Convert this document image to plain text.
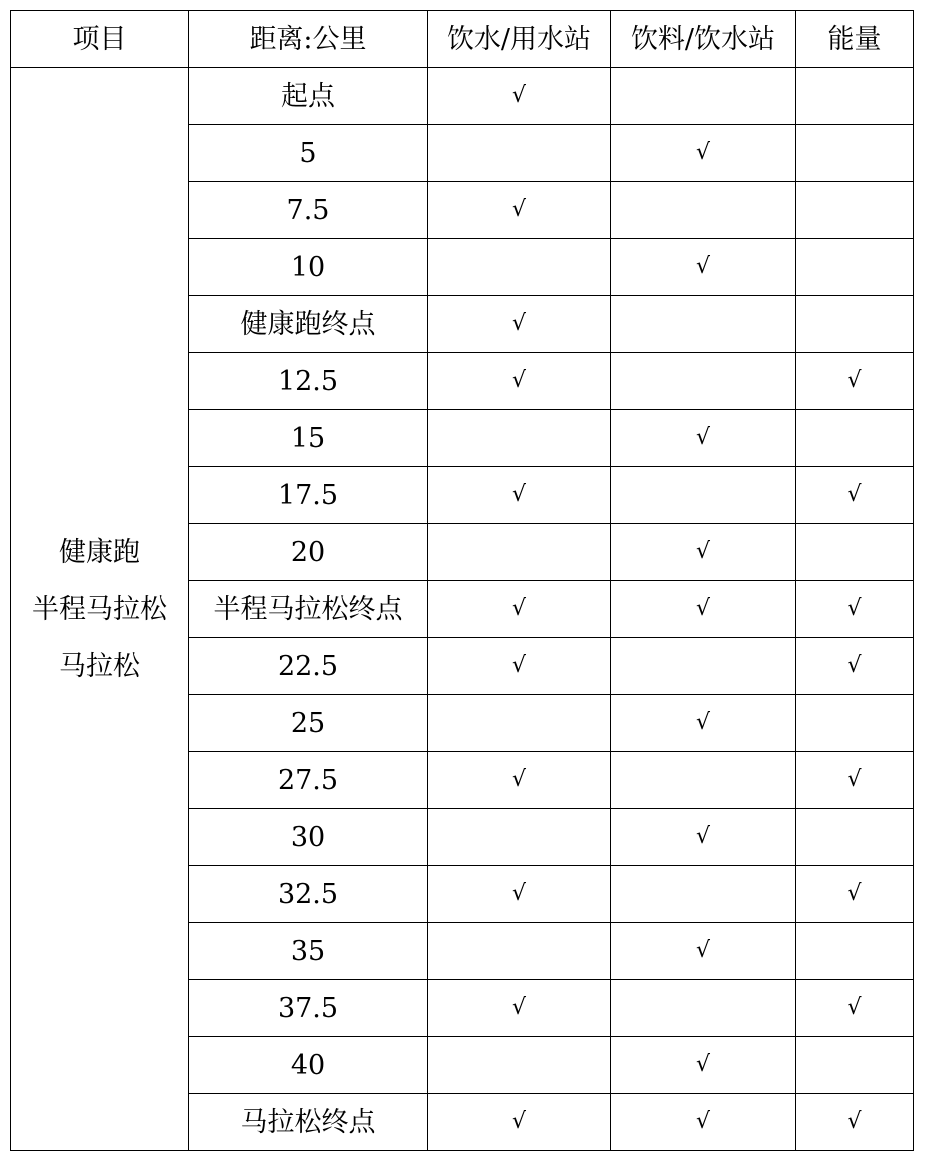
项目	距离:公里	饮水/用水站	饮料/饮水站	能量

健康跑
半程马拉松
马拉松	起点	√		
	5		√	
	7.5	√		
	10		√	
	健康跑终点	√		
	12.5	√		√
	15		√	
	17.5	√		√
	20		√	
	半程马拉松终点	√	√	√
	22.5	√		√
	25		√	
	27.5	√		√
	30		√	
	32.5	√		√
	35		√	
	37.5	√		√
	40		√	
	马拉松终点	√	√	√
